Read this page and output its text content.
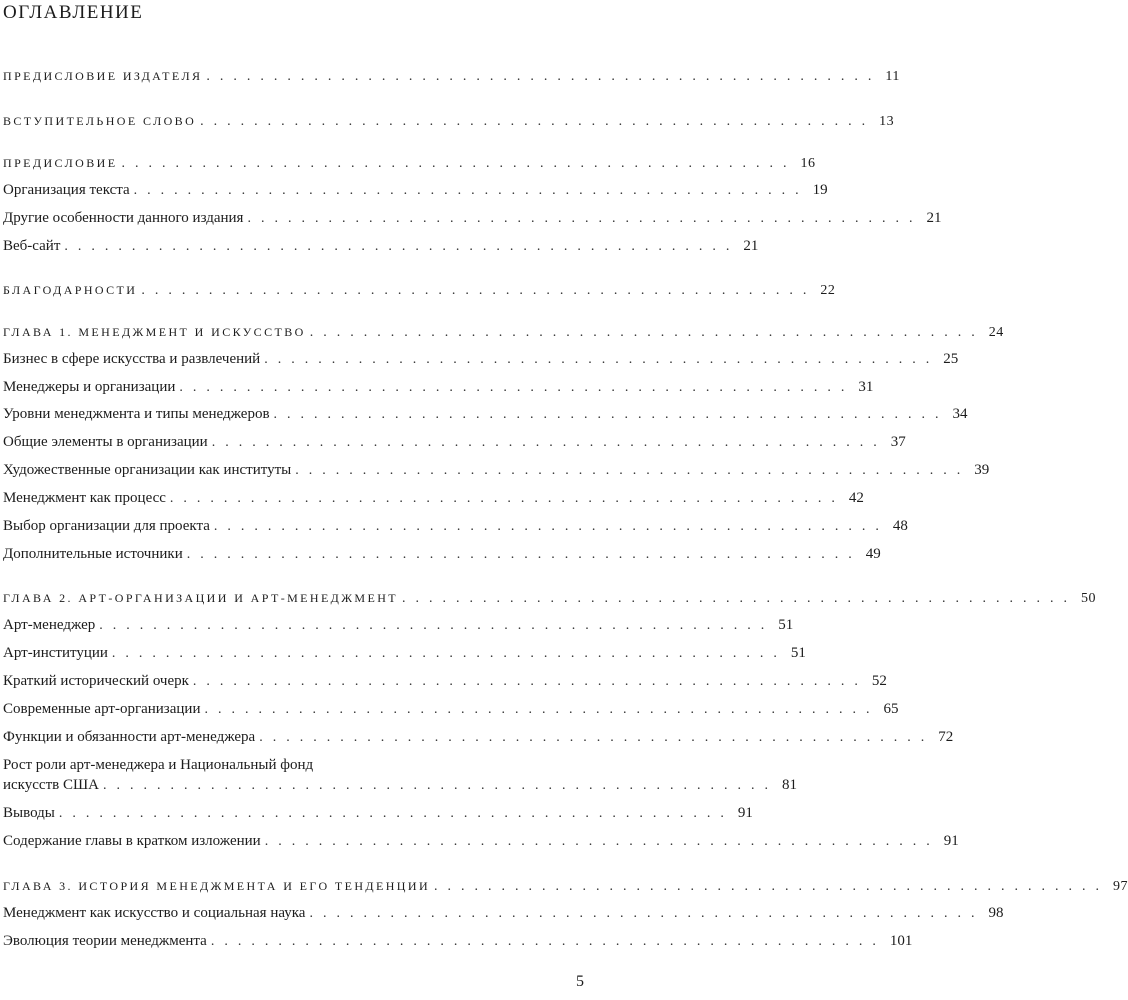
ОГЛАВЛЕНИЕ
ПРЕДИСЛОВИЕ ИЗДАТЕЛЯ .................................................. 11
ВСТУПИТЕЛЬНОЕ СЛОВО .................................................. 13
ПРЕДИСЛОВИЕ .................................................. 16
Организация текста .................................................. 19
Другие особенности данного издания .................................................. 21
Веб-сайт .................................................. 21
БЛАГОДАРНОСТИ .................................................. 22
ГЛАВА 1. МЕНЕДЖМЕНТ И ИСКУССТВО .................................................. 24
Бизнес в сфере искусства и развлечений .................................................. 25
Менеджеры и организации .................................................. 31
Уровни менеджмента и типы менеджеров .................................................. 34
Общие элементы в организации .................................................. 37
Художественные организации как институты .................................................. 39
Менеджмент как процесс .................................................. 42
Выбор организации для проекта .................................................. 48
Дополнительные источники .................................................. 49
ГЛАВА 2. АРТ-ОРГАНИЗАЦИИ И АРТ-МЕНЕДЖМЕНТ .................................................. 50
Арт-менеджер .................................................. 51
Арт-институции .................................................. 51
Краткий исторический очерк .................................................. 52
Современные арт-организации .................................................. 65
Функции и обязанности арт-менеджера .................................................. 72
Рост роли арт-менеджера и Национальный фонд
искусств США .................................................. 81
Выводы .................................................. 91
Содержание главы в кратком изложении .................................................. 91
ГЛАВА 3. ИСТОРИЯ МЕНЕДЖМЕНТА И ЕГО ТЕНДЕНЦИИ .................................................. 97
Менеджмент как искусство и социальная наука .................................................. 98
Эволюция теории менеджмента .................................................. 101
5
